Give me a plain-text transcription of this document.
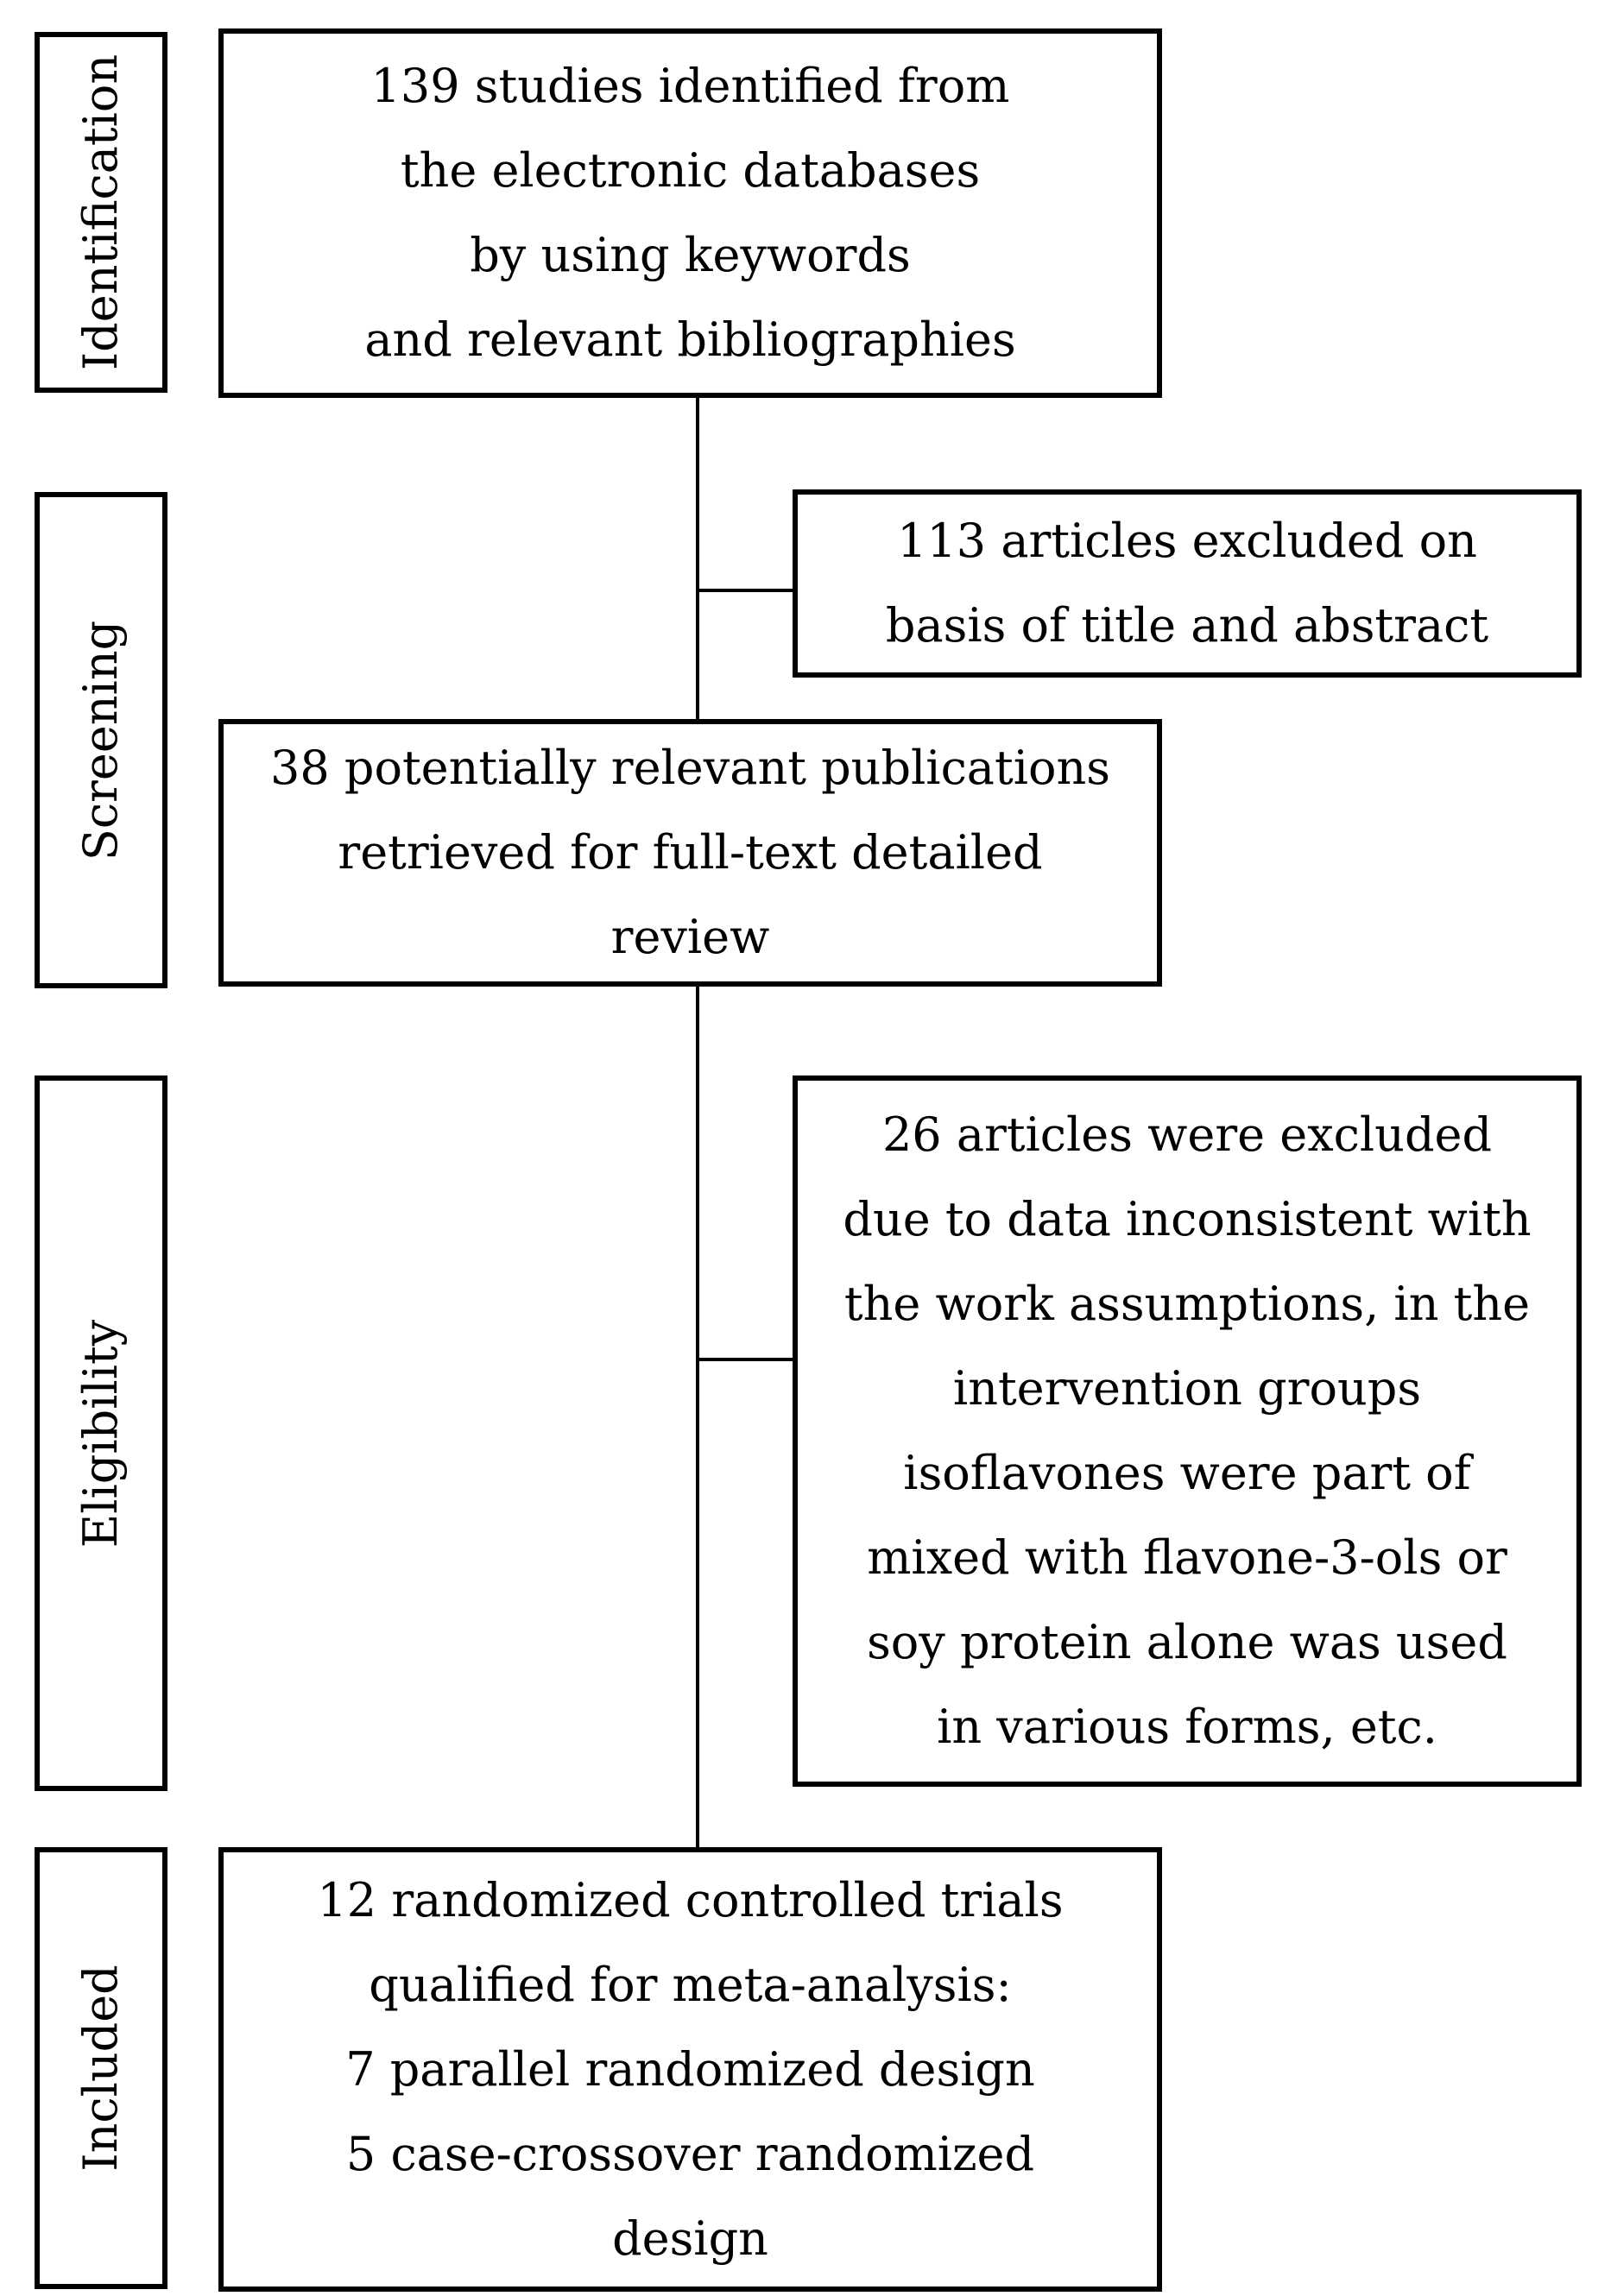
Identification
Screening
Eligibility
Included
139 studies identified from
the electronic databases
by using keywords
and relevant bibliographies
113 articles excluded on
basis of title and abstract
38 potentially relevant publications
retrieved for full-text detailed
review
26 articles were excluded
due to data inconsistent with
the work assumptions, in the
intervention groups
isoflavones were part of
mixed with flavone-3-ols or
soy protein alone was used
in various forms, etc.
12 randomized controlled trials
qualified for meta-analysis:
7 parallel randomized design
5 case-crossover randomized
design
